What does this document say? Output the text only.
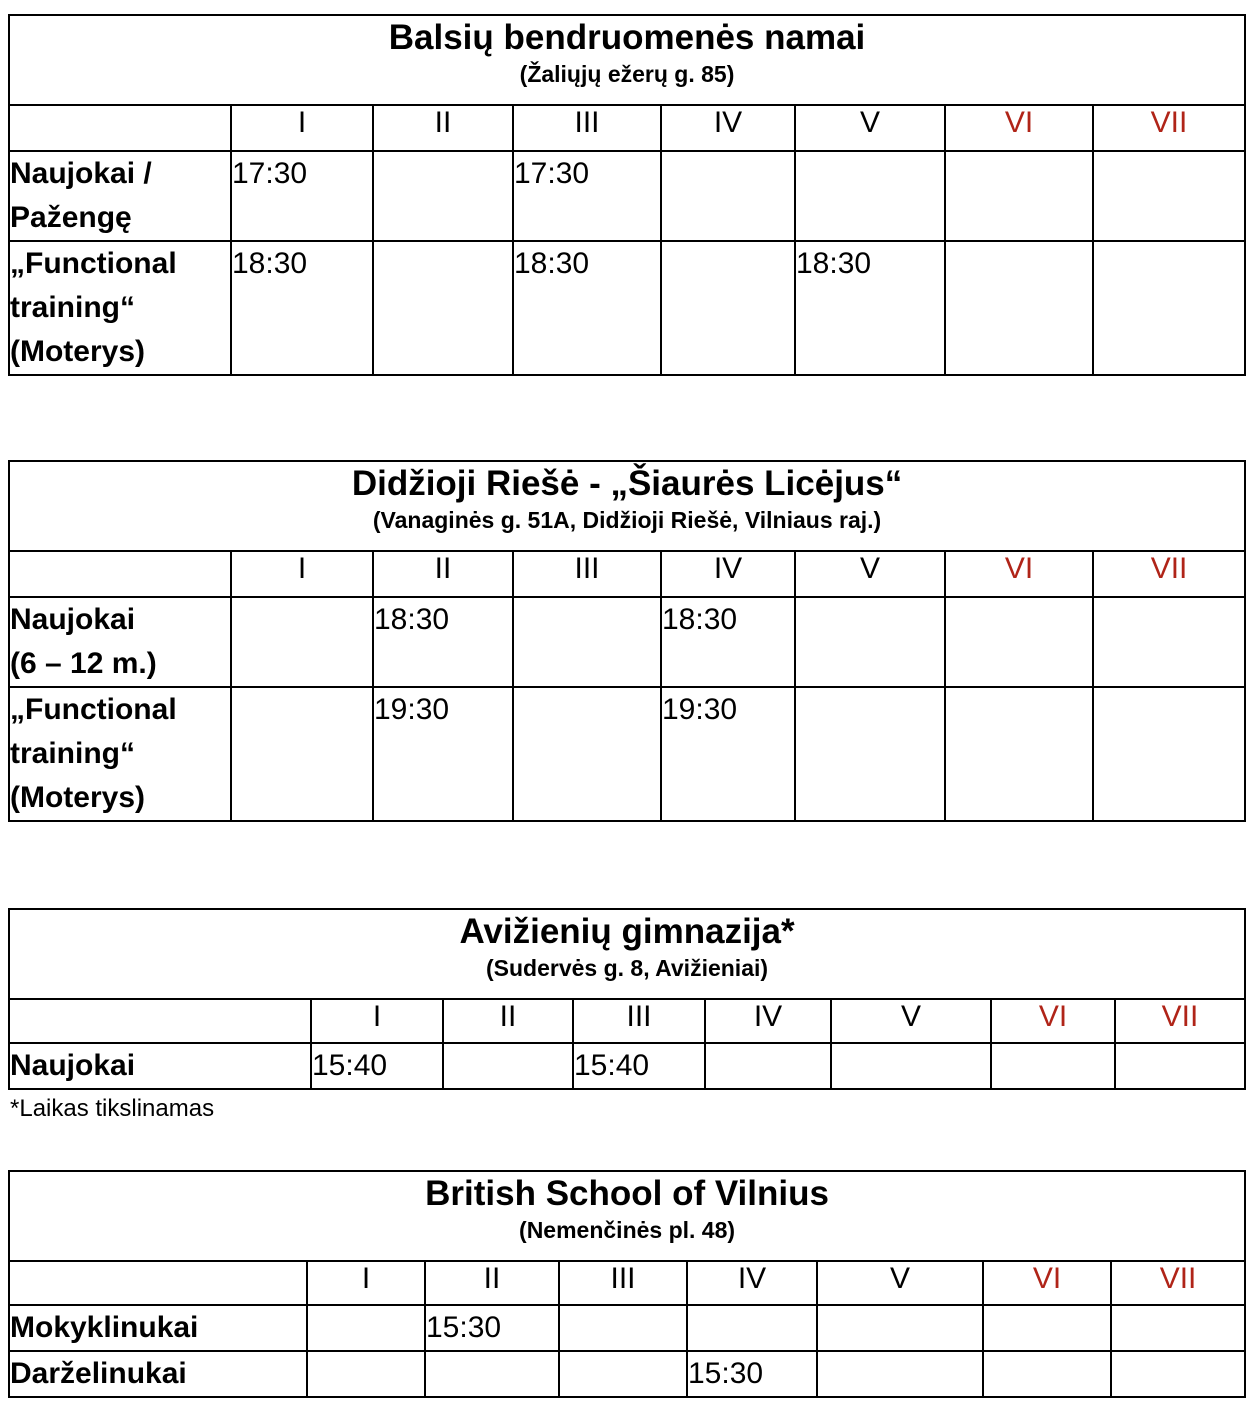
Balsių bendruomenės namai
(Žaliųjų ežerų g. 85)							

	I	II	III	IV	V	VI	VII

Naujokai /
Pažengę	17:30		17:30				

„Functional
training“
(Moterys)	18:30		18:30		18:30		
Didžioji Riešė - „Šiaurės Licėjus“
(Vanaginės g. 51A, Didžioji Riešė, Vilniaus raj.)							

	I	II	III	IV	V	VI	VII

Naujokai
(6 – 12 m.)		18:30		18:30			

„Functional
training“
(Moterys)		19:30		19:30			
Avižienių gimnazija*
(Sudervės g. 8, Avižieniai)							

	I	II	III	IV	V	VI	VII

Naujokai	15:40		15:40				
*Laikas tikslinamas
British School of Vilnius
(Nemenčinės pl. 48)							

	I	II	III	IV	V	VI	VII

Mokyklinukai		15:30					

Darželinukai				15:30			
